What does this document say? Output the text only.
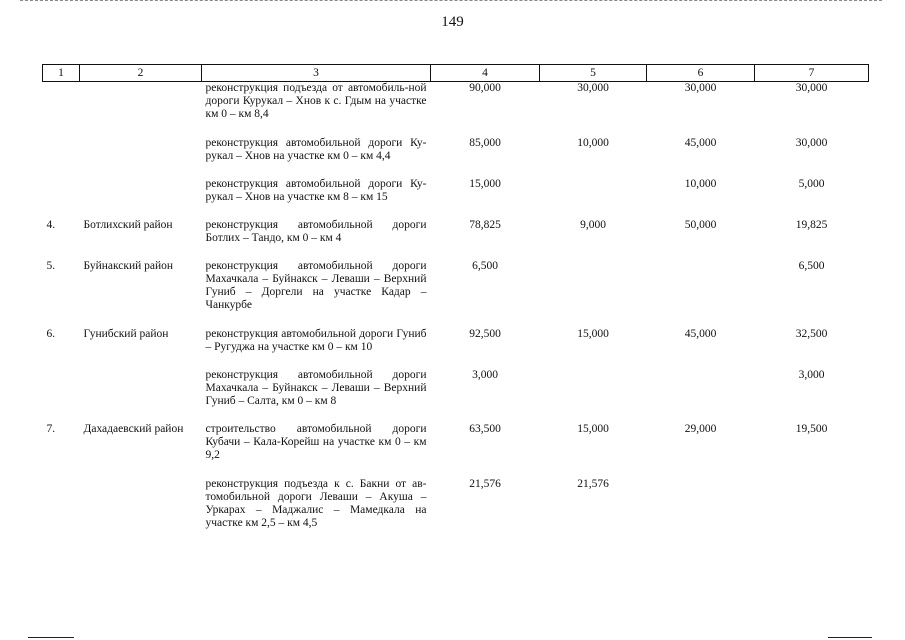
149
1	2	3	4	5	6	7
		реконструкция подъезда от автомобиль-ной дороги Курукал – Хнов к с. Гдым на участке км 0 – км 8,4	90,000	30,000	30,000	30,000
		реконструкция автомобильной дороги Ку-рукал – Хнов на участке км 0 – км 4,4	85,000	10,000	45,000	30,000
		реконструкция автомобильной дороги Ку-рукал – Хнов на участке км 8 – км 15	15,000		10,000	5,000
4.	Ботлихский район	реконструкция автомобильной дороги Ботлих – Тандо, км 0 – км 4	78,825	9,000	50,000	19,825
5.	Буйнакский район	реконструкция автомобильной дороги Махачкала – Буйнакск – Леваши – Верхний Гуниб – Доргели на участке Кадар – Чанкурбе	6,500			6,500
6.	Гунибский район	реконструкция автомобильной дороги Гуниб – Ругуджа на участке км 0 – км 10	92,500	15,000	45,000	32,500
		реконструкция автомобильной дороги Махачкала – Буйнакск – Леваши – Верхний Гуниб – Салта, км 0 – км 8	3,000			3,000
7.	Дахадаевский район	строительство автомобильной дороги Кубачи – Кала-Корейш на участке км 0 – км 9,2	63,500	15,000	29,000	19,500
		реконструкция подъезда к с. Бакни от ав-томобильной дороги Леваши – Акуша – Уркарах – Маджалис – Мамедкала на участке км 2,5 – км 4,5	21,576	21,576		
